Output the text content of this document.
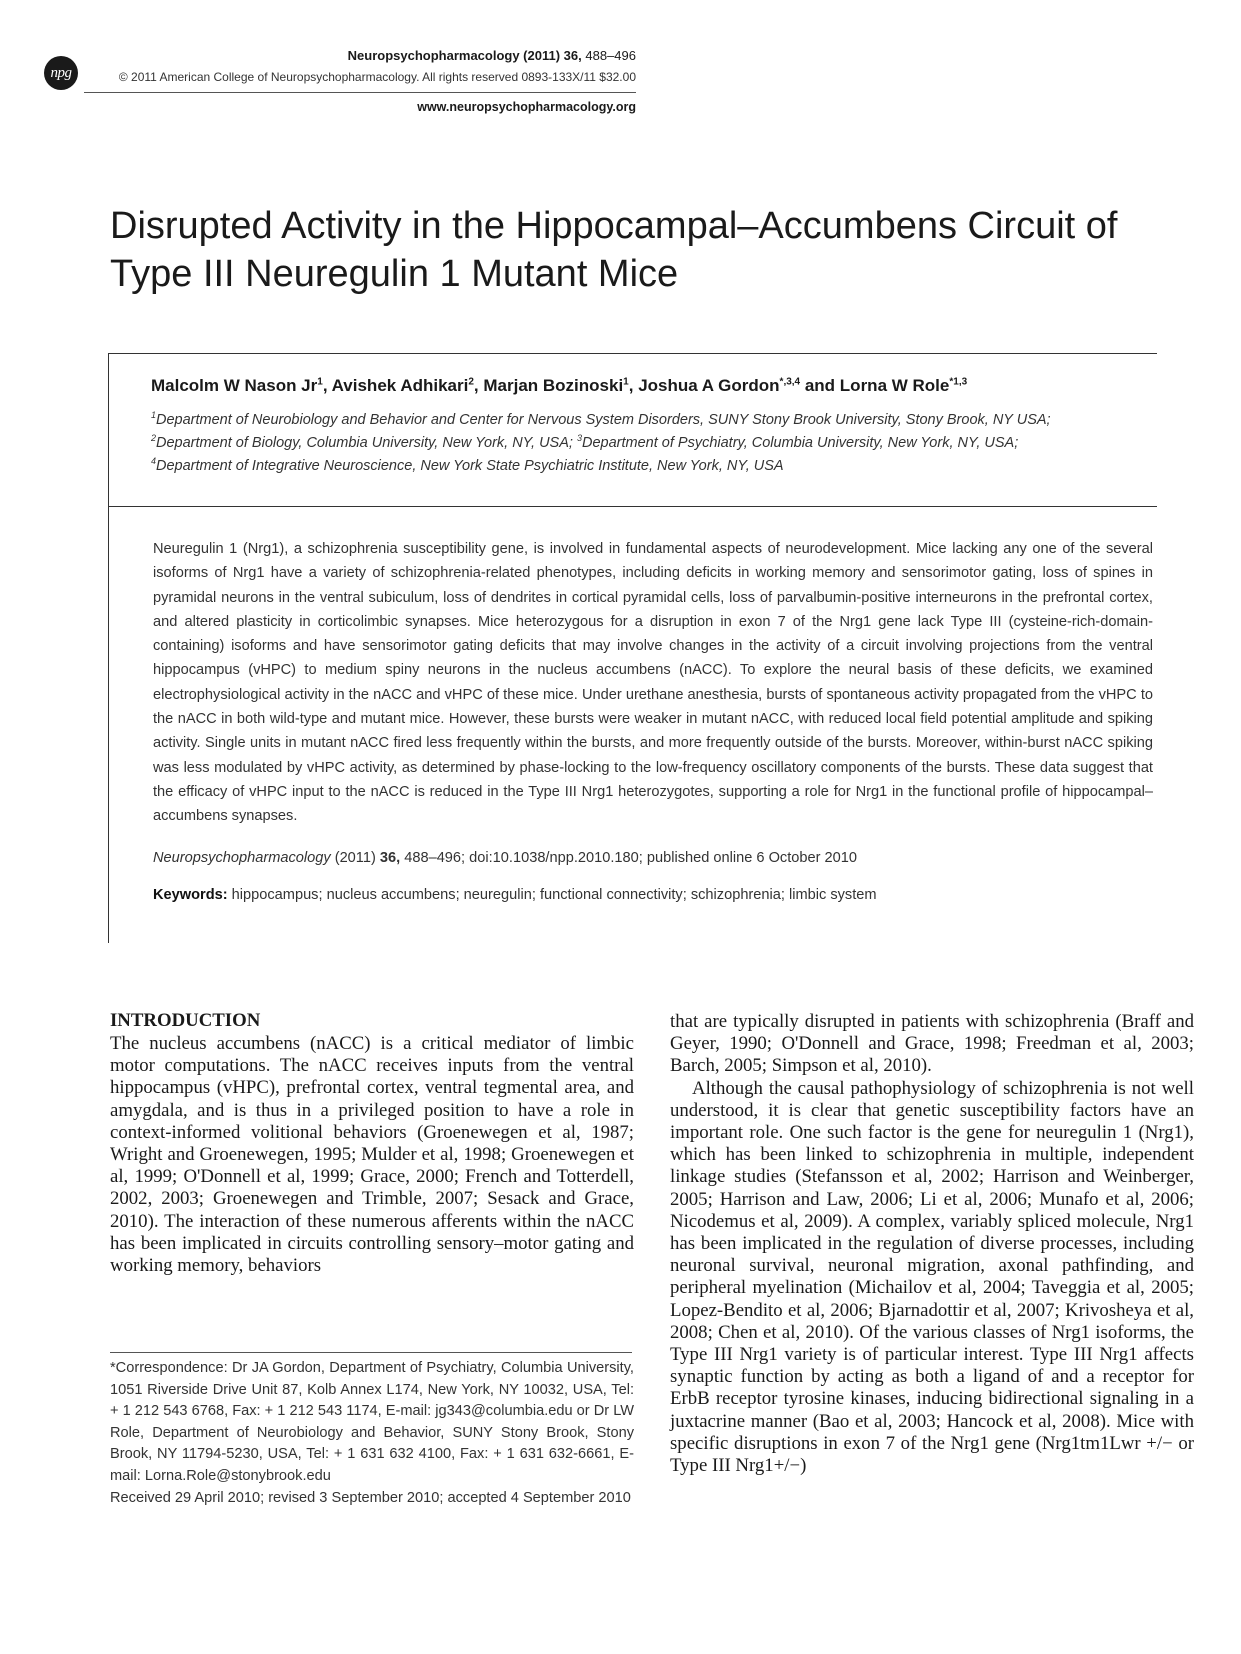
npg
Neuropsychopharmacology (2011) 36, 488–496
© 2011 American College of Neuropsychopharmacology. All rights reserved 0893-133X/11 $32.00
www.neuropsychopharmacology.org
Disrupted Activity in the Hippocampal–Accumbens Circuit of Type III Neuregulin 1 Mutant Mice
Malcolm W Nason Jr$^1$, Avishek Adhikari$^2$, Marjan Bozinoski$^1$, Joshua A Gordon$^{*,3,4}$ and Lorna W Role$^{*1,3}$
$^1$Department of Neurobiology and Behavior and Center for Nervous System Disorders, SUNY Stony Brook University, Stony Brook, NY USA;
$^2$Department of Biology, Columbia University, New York, NY, USA; $^3$Department of Psychiatry, Columbia University, New York, NY, USA;
$^4$Department of Integrative Neuroscience, New York State Psychiatric Institute, New York, NY, USA

Neuregulin 1 (Nrg1), a schizophrenia susceptibility gene, is involved in fundamental aspects of neurodevelopment. Mice lacking any one of the several isoforms of Nrg1 have a variety of schizophrenia-related phenotypes, including deficits in working memory and sensorimotor gating, loss of spines in pyramidal neurons in the ventral subiculum, loss of dendrites in cortical pyramidal cells, loss of parvalbumin-positive interneurons in the prefrontal cortex, and altered plasticity in corticolimbic synapses. Mice heterozygous for a disruption in exon 7 of the Nrg1 gene lack Type III (cysteine-rich-domain-containing) isoforms and have sensorimotor gating deficits that may involve changes in the activity of a circuit involving projections from the ventral hippocampus (vHPC) to medium spiny neurons in the nucleus accumbens (nACC). To explore the neural basis of these deficits, we examined electrophysiological activity in the nACC and vHPC of these mice. Under urethane anesthesia, bursts of spontaneous activity propagated from the vHPC to the nACC in both wild-type and mutant mice. However, these bursts were weaker in mutant nACC, with reduced local field potential amplitude and spiking activity. Single units in mutant nACC fired less frequently within the bursts, and more frequently outside of the bursts. Moreover, within-burst nACC spiking was less modulated by vHPC activity, as determined by phase-locking to the low-frequency oscillatory components of the bursts. These data suggest that the efficacy of vHPC input to the nACC is reduced in the Type III Nrg1 heterozygotes, supporting a role for Nrg1 in the functional profile of hippocampal–accumbens synapses.

Neuropsychopharmacology (2011) 36, 488–496; doi:10.1038/npp.2010.180; published online 6 October 2010
Keywords: hippocampus; nucleus accumbens; neuregulin; functional connectivity; schizophrenia; limbic system
INTRODUCTION

The nucleus accumbens (nACC) is a critical mediator of limbic motor computations. The nACC receives inputs from the ventral hippocampus (vHPC), prefrontal cortex, ventral tegmental area, and amygdala, and is thus in a privileged position to have a role in context-informed volitional behaviors (Groenewegen et al, 1987; Wright and Groenewegen, 1995; Mulder et al, 1998; Groenewegen et al, 1999; O'Donnell et al, 1999; Grace, 2000; French and Totterdell, 2002, 2003; Groenewegen and Trimble, 2007; Sesack and Grace, 2010). The interaction of these numerous afferents within the nACC has been implicated in circuits controlling sensory–motor gating and working memory, behaviors

that are typically disrupted in patients with schizophrenia (Braff and Geyer, 1990; O'Donnell and Grace, 1998; Freedman et al, 2003; Barch, 2005; Simpson et al, 2010).

Although the causal pathophysiology of schizophrenia is not well understood, it is clear that genetic susceptibility factors have an important role. One such factor is the gene for neuregulin 1 (Nrg1), which has been linked to schizophrenia in multiple, independent linkage studies (Stefansson et al, 2002; Harrison and Weinberger, 2005; Harrison and Law, 2006; Li et al, 2006; Munafo et al, 2006; Nicodemus et al, 2009). A complex, variably spliced molecule, Nrg1 has been implicated in the regulation of diverse processes, including neuronal survival, neuronal migration, axonal pathfinding, and peripheral myelination (Michailov et al, 2004; Taveggia et al, 2005; Lopez-Bendito et al, 2006; Bjarnadottir et al, 2007; Krivosheya et al, 2008; Chen et al, 2010). Of the various classes of Nrg1 isoforms, the Type III Nrg1 variety is of particular interest. Type III Nrg1 affects synaptic function by acting as both a ligand of and a receptor for ErbB receptor tyrosine kinases, inducing bidirectional signaling in a juxtacrine manner (Bao et al, 2003; Hancock et al, 2008). Mice with specific disruptions in exon 7 of the Nrg1 gene (Nrg1tm1Lwr +/− or Type III Nrg1+/−)

*Correspondence: Dr JA Gordon, Department of Psychiatry, Columbia University, 1051 Riverside Drive Unit 87, Kolb Annex L174, New York, NY 10032, USA, Tel: + 1 212 543 6768, Fax: + 1 212 543 1174, E-mail: jg343@columbia.edu or Dr LW Role, Department of Neurobiology and Behavior, SUNY Stony Brook, Stony Brook, NY 11794-5230, USA, Tel: + 1 631 632 4100, Fax: + 1 631 632-6661, E-mail: Lorna.Role@stonybrook.edu

Received 29 April 2010; revised 3 September 2010; accepted 4 September 2010
